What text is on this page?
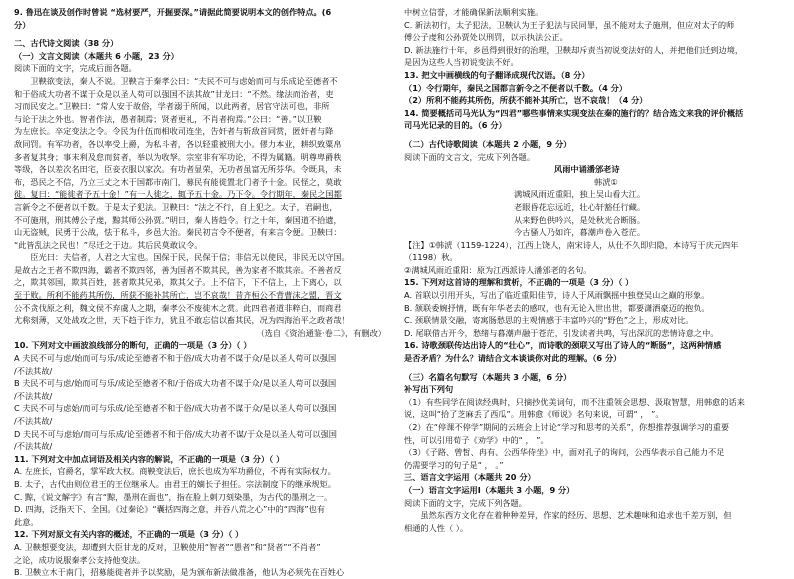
9. 鲁迅在谈及创作时曾说 “选材要严，开掘要深。”请据此简要说明本文的创作特点。(6
分）
二、古代诗文阅读（38 分）
（一）文言文阅读（本题共 6 小题，23 分）
阅读下面的文字，完成后面各题。
卫鞅欲变法，秦人不说。卫鞅言于秦孝公曰：“夫民不可与虑始而可与乐成论至德者不
和于俗成大功者不谋于众是以圣人苟可以强国不法其故”甘龙曰：“不然。缘法而治者，吏
习而民安之。”卫鞅曰：“常人安于故俗，学者溺于所闻，以此两者，居官守法可也，非所
与论于法之外也。智者作法，愚者制焉；贤者更礼，不肖者拘焉。”公曰：“善。”以卫鞅
为左庶长。卒定变法之令。令民为什伍而相收司连坐，告奸者与斩敌首同赏，匿奸者与降
敌同罚。有军功者，各以率受上爵，为私斗者，各以轻重被刑大小。僇力本业，耕织致粟帛
多者复其身；事末利及怠而贫者，举以为收孥。宗室非有军功论，不得为属籍。明尊卑爵秩
等级，各以差次名田宅，臣妾衣服以家次。有功者显荣，无功者虽富无所芬华。令既具，未
布，恐民之不信，乃立三丈之木于国都市南门，募民有能徙置北门者予十金。民怪之，莫敢
徙。复曰：“能徙者予五十金！”有一人徙之，辄予五十金。乃下令。令行期年，秦民之国都
言新令之不便者以千数。于是太子犯法。卫鞅曰：“法之不行，自上犯之。太子，君嗣也，
不可施刑，刑其傅公子虔，黥其师公孙贾。”明日，秦人皆趋令。行之十年，秦国道不拾遗，
山无盗贼，民勇于公战，怯于私斗，乡邑大治。秦民初言令不便者，有来言令便。卫鞅曰：
“此皆乱法之民也！”尽迁之于边。其后民莫敢议令。
臣光曰：夫信者，人君之大宝也。国保于民，民保于信；非信无以使民，非民无以守国。
是故古之王者不欺四海，霸者不欺四邻，善为国者不欺其民，善为家者不欺其亲。不善者反
之，欺其邻国，欺其百姓，甚者欺其兄弟，欺其父子。上不信下，下不信上，上下离心，以
至于败。所利不能药其所伤，所获不能补其所亡，岂不哀哉！昔齐桓公不背曹沫之盟，晋文
公不贪伐原之利，魏文侯不弃虞人之期，秦孝公不废徙木之赏。此四君者道非粹白，而商君
尤称刻薄，又处战攻之世，天下趋于诈力，犹且不敢忘信以畜其民，况为四海治平之政者哉！
（选自《资治通鉴·卷二》，有删改）
10. 下列对文中画波浪线部分的断句，正确的一项是（3 分）（ ）
A 夫民不可与虑/始而可与乐/成论至德者不和于俗/成大功者不谋于众/是以圣人苟可以强国
/不法其故/
B 夫民不可与虑/始而可与乐/成论至德者不和/于俗成大功者不谋于众/是以圣人苟可以强国
/不法其故/
C 夫民不可与虑始/而可与乐成/论至德者不和于俗/成大功者不谋于众/是以圣人苟可以强国
/不法其故/
D 夫民不可与虑始/而可与乐成/论至德者不和于俗/成大功者不谋/于众是以圣人苟可以强国
/不法其故/
11. 下列对文中加点词语及相关内容的解说，不正确的一项是（3 分）（ ）
A. 左庶长，官爵名，掌军政大权。商鞅变法后，庶长也成为军功爵位，不再有实际权力。
B. 太子，古代由则位君王的王位继承人。由君王的嫡长子担任。宗法制度下的继承规矩。
C. 黥，《说文解字》有言“黥，墨刑在面也”，指在脸上刺刀刻染墨，为古代的墨刑之一。
D. 四海，泛指天下、全国。《过秦论》“囊括四海之意，并吞八荒之心”中的“四海”也有
此意。
12. 下列对原文有关内容的概述，不正确的一项是（3 分）（ ）
A. 卫鞅想要变法，却遭到大臣甘龙的反对，卫鞅使用“智者”“愚者”和“贤者”“不肖者”
之论，成功说服秦孝公支持他变法。
B. 卫鞅立木于南门，招募能徙者并予以奖励，是为颁布新法做准备，他认为必须先在百姓心
中树立信誉，才能确保新法顺利实施。
C. 新法初行，太子犯法，卫鞅认为王子犯法与民同罪，虽不能对太子施刑，但应对太子的师
傅公子虔和公孙贾处以刑罚，以示执法公正。
D. 新法施行十年，乡邑得到很好的治理，卫鞅却斥责当初说变法好的人，并把他们迁到边境，
是因为这些人当初说变法不好。
13. 把文中画横线的句子翻译成现代汉语。（8 分）
（1）令行期年，秦民之国都言新令之不便者以千数。（4 分）
（2）所利不能药其所伤，所获不能补其所亡，岂不哀哉！（4 分）
14. 简要概括司马光认为“四君”哪些事情来实现变法在秦的施行的？结合选文来我的评价概括
司马光记录的目的。（6 分）
（二）古代诗歌阅读（本题共 2 小题，9 分）
阅读下面的文言文，完成下列各题。
风雨中诵潘邠老诗
韩淲①
满城风雨近重阳，独上吴山看大江。
老眼昏花忘远近，壮心轩豁任行藏。
从来野色供吟兴，是处秋光合断肠。
今古骚人乃如许，暮潮声卷入苍茫。
【注】①韩淲（1159-1224），江西上饶人，南宋诗人，从仕不久即归隐，本诗写于庆元四年
（1198）秋。
②满城风雨近重阳：原为江西派诗人潘邠老的名句。
15. 下列对这首诗的理解和赏析，不正确的一项是（3 分）（ ）
A. 首联以引用开头，写出了临近重阳佳节，诗人于风雨飘摇中独登吴山之巅的形象。
B. 颔联委婉抒情，既有年华老去的感叹，也有无论入世出世，都要潇洒豪迈的抱负。
C. 颈联情景交融，寄寓肠愁思的主观情感于丰富吟兴的“野色”之上，形成对比。
D. 尾联借古开今，愁绪与暮潮声融于苍茫，引发读者共鸣，写出深沉的悲情诗意之中。
16. 诗歌颈联传达出诗人的“壮心”，而诗歌的颈联又写出了诗人的“断肠”，这两种情感
是否矛盾？为什么？请结合文本谈谈你对此的理解。（6 分）
（三）名篇名句默写（本题共 3 小题，6 分）
补写出下列句
（1）有些同学在阅读经典时，只摘抄优美词句，而不注重领会思想、汲取智慧，用韩愈的话来
说，这叫“拾了芝麻丢了西瓜”。用韩愈《师说》名句来说，可谓“ ， ”。
（2）在“停课不停学”期间的云班会上讨论“学习和思考的关系”，你想推荐强调学习的重要
性，可以引用荀子《劝学》中的“ ， ”。
（3）《子路、曾皙、冉有、公西华侍坐》中，面对孔子的询问，公西华表示自己能力不足
仍需要学习的句子是“ ， 。”
三、语言文字运用（本题共 20 分）
（一）语言文字运用Ⅰ（本题共 3 小题，9 分）
阅读下面的文字，完成下列各题。
虽然东西方文化存在着种种差异，作家的经历、思想、艺术趣味和追求也千差万别，但
相通的人性（ ）。
